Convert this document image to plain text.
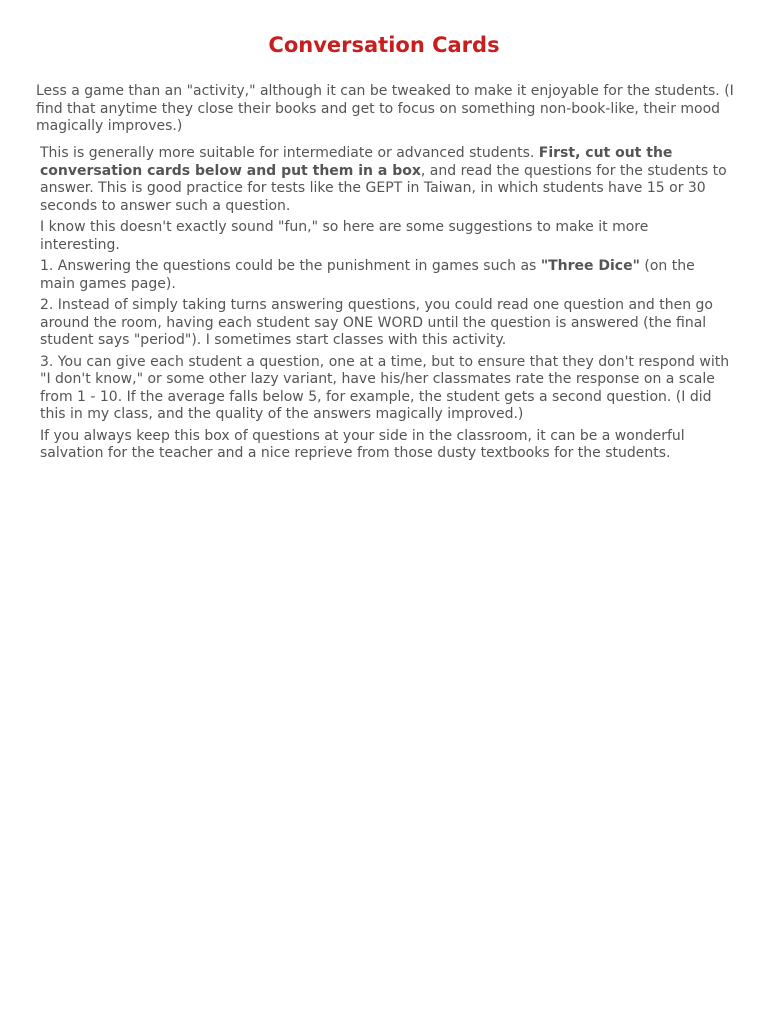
Conversation Cards

Less a game than an "activity," although it can be tweaked to make it enjoyable for the students. (I find that anytime they close their books and get to focus on something non-book-like, their mood magically improves.)

This is generally more suitable for intermediate or advanced students. First, cut out the conversation cards below and put them in a box, and read the questions for the students to answer. This is good practice for tests like the GEPT in Taiwan, in which students have 15 or 30 seconds to answer such a question.

I know this doesn't exactly sound "fun," so here are some suggestions to make it more interesting.

1. Answering the questions could be the punishment in games such as "Three Dice" (on the main games page).

2. Instead of simply taking turns answering questions, you could read one question and then go around the room, having each student say ONE WORD until the question is answered (the final student says "period"). I sometimes start classes with this activity.

3. You can give each student a question, one at a time, but to ensure that they don't respond with "I don't know," or some other lazy variant, have his/her classmates rate the response on a scale from 1 - 10. If the average falls below 5, for example, the student gets a second question. (I did this in my class, and the quality of the answers magically improved.)

If you always keep this box of questions at your side in the classroom, it can be a wonderful salvation for the teacher and a nice reprieve from those dusty textbooks for the students.
